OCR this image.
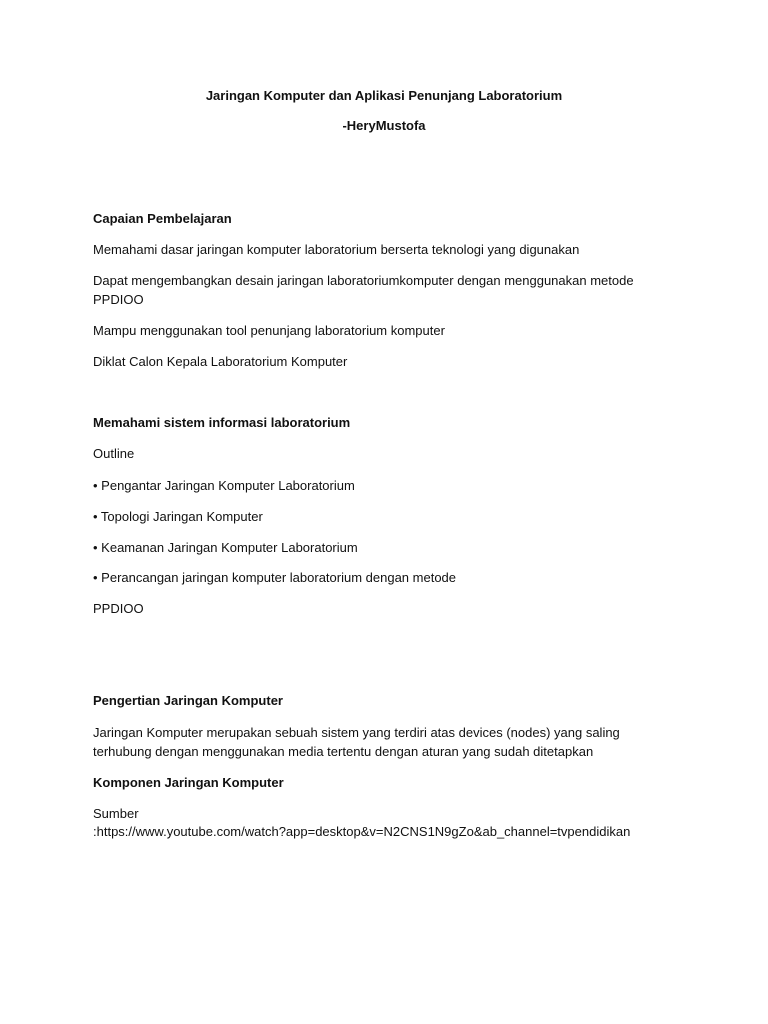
Jaringan Komputer dan Aplikasi Penunjang Laboratorium

-HeryMustofa

Capaian Pembelajaran

Memahami dasar jaringan komputer laboratorium berserta teknologi yang digunakan

Dapat mengembangkan desain jaringan laboratoriumkomputer dengan menggunakan metode

PPDIOO

Mampu menggunakan tool penunjang laboratorium komputer

Diklat Calon Kepala Laboratorium Komputer

Memahami sistem informasi laboratorium

Outline

• Pengantar Jaringan Komputer Laboratorium

• Topologi Jaringan Komputer

• Keamanan Jaringan Komputer Laboratorium

• Perancangan jaringan komputer laboratorium dengan metode

PPDIOO

Pengertian Jaringan Komputer

Jaringan Komputer merupakan sebuah sistem yang terdiri atas devices (nodes) yang saling

terhubung dengan menggunakan media tertentu dengan aturan yang sudah ditetapkan

Komponen Jaringan Komputer

Sumber

:https://www.youtube.com/watch?app=desktop&v=N2CNS1N9gZo&ab_channel=tvpendidikan
